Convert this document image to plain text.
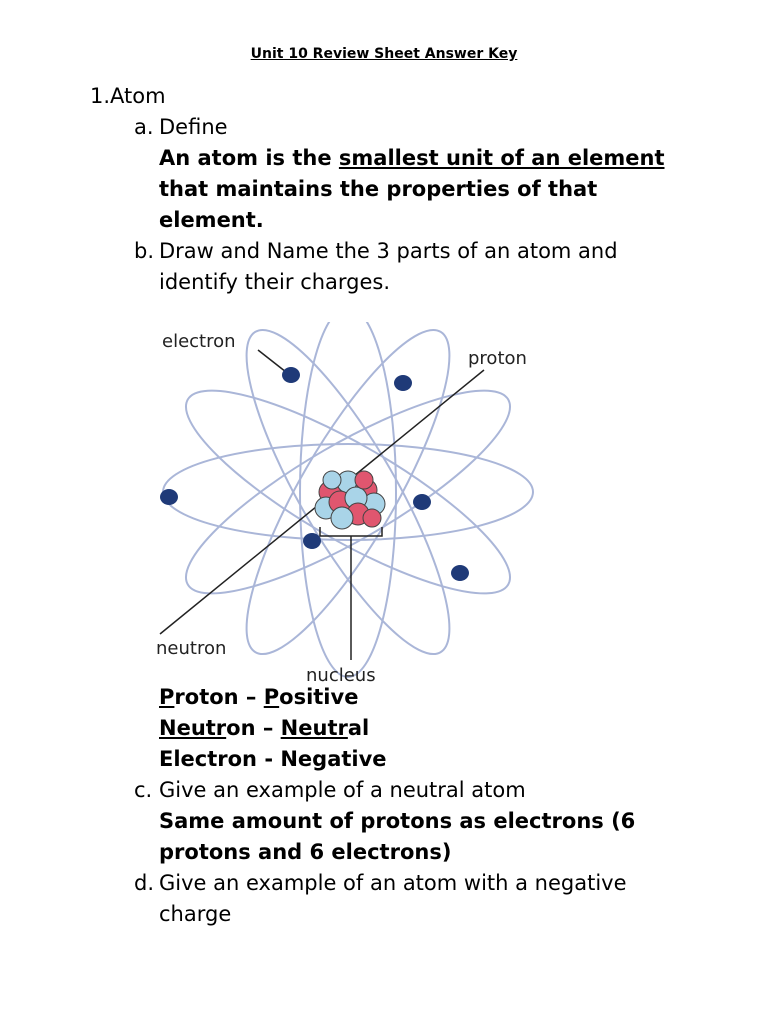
Unit 10 Review Sheet Answer Key
1.Atom
a. Define
An atom is the smallest unit of an element
that maintains the properties of that
element.
b. Draw and Name the 3 parts of an atom and
identify their charges.
electron
proton
neutron
nucleus
Proton – Positive
Neutron – Neutral
Electron - Negative
c. Give an example of a neutral atom
Same amount of protons as electrons (6
protons and 6 electrons)
d. Give an example of an atom with a negative
charge
